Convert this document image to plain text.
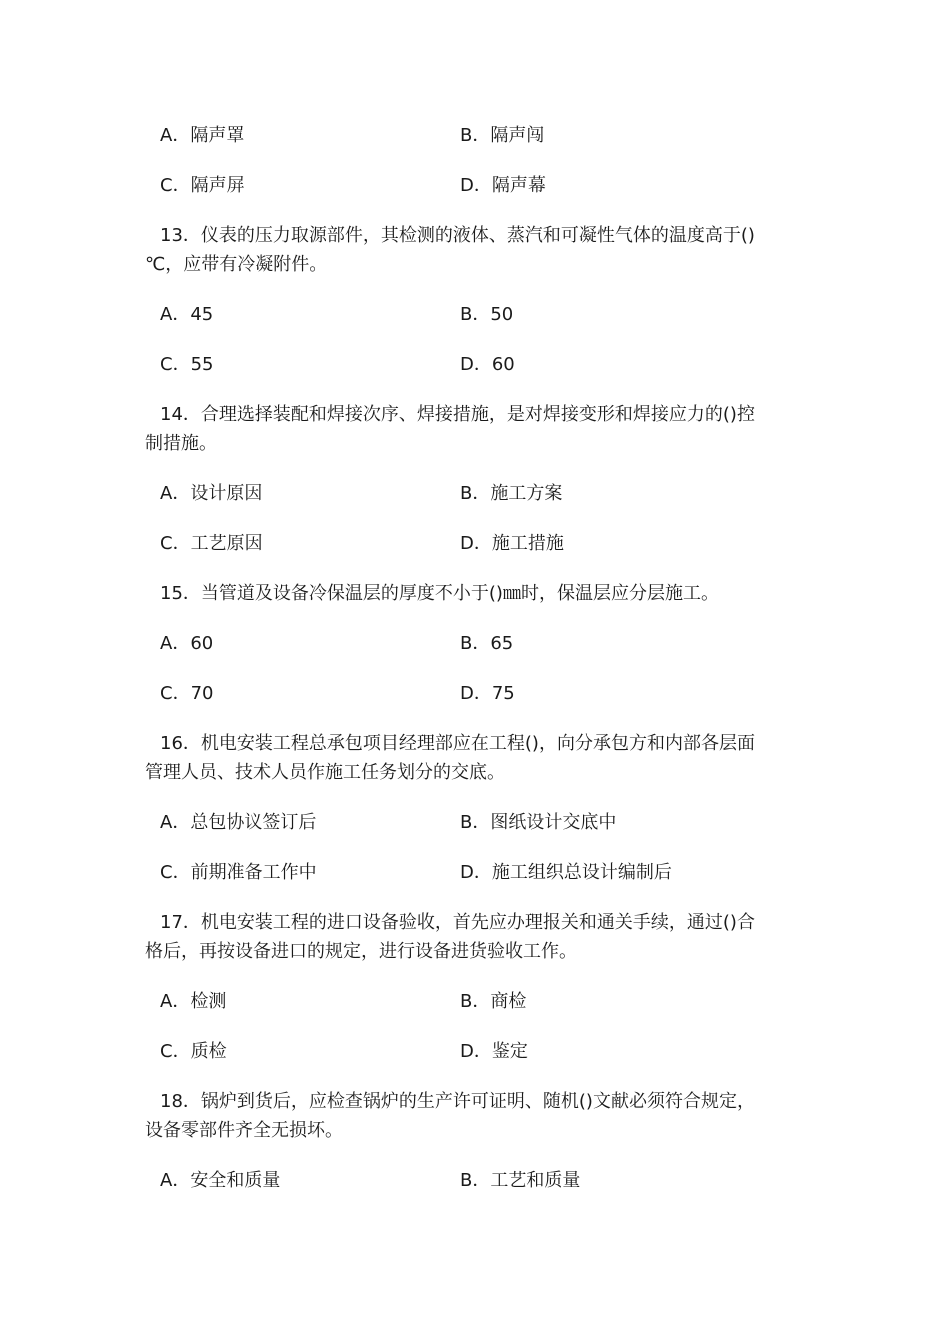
A．隔声罩	B．隔声闯
C．隔声屏	D．隔声幕
13．仪表的压力取源部件，其检测的液体、蒸汽和可凝性气体的温度高于()
℃，应带有冷凝附件。
A．45	B．50
C．55	D．60
14．合理选择装配和焊接次序、焊接措施，是对焊接变形和焊接应力的()控
制措施。
A．设计原因	B．施工方案
C．工艺原因	D．施工措施
15．当管道及设备冷保温层的厚度不小于()㎜时，保温层应分层施工。
A．60	B．65
C．70	D．75
16．机电安装工程总承包项目经理部应在工程()，向分承包方和内部各层面
管理人员、技术人员作施工任务划分的交底。
A．总包协议签订后	B．图纸设计交底中
C．前期准备工作中	D．施工组织总设计编制后
17．机电安装工程的进口设备验收，首先应办理报关和通关手续，通过()合
格后，再按设备进口的规定，进行设备进货验收工作。
A．检测	B．商检
C．质检	D．鉴定
18．锅炉到货后，应检查锅炉的生产许可证明、随机()文献必须符合规定，
设备零部件齐全无损坏。
A．安全和质量	B．工艺和质量
